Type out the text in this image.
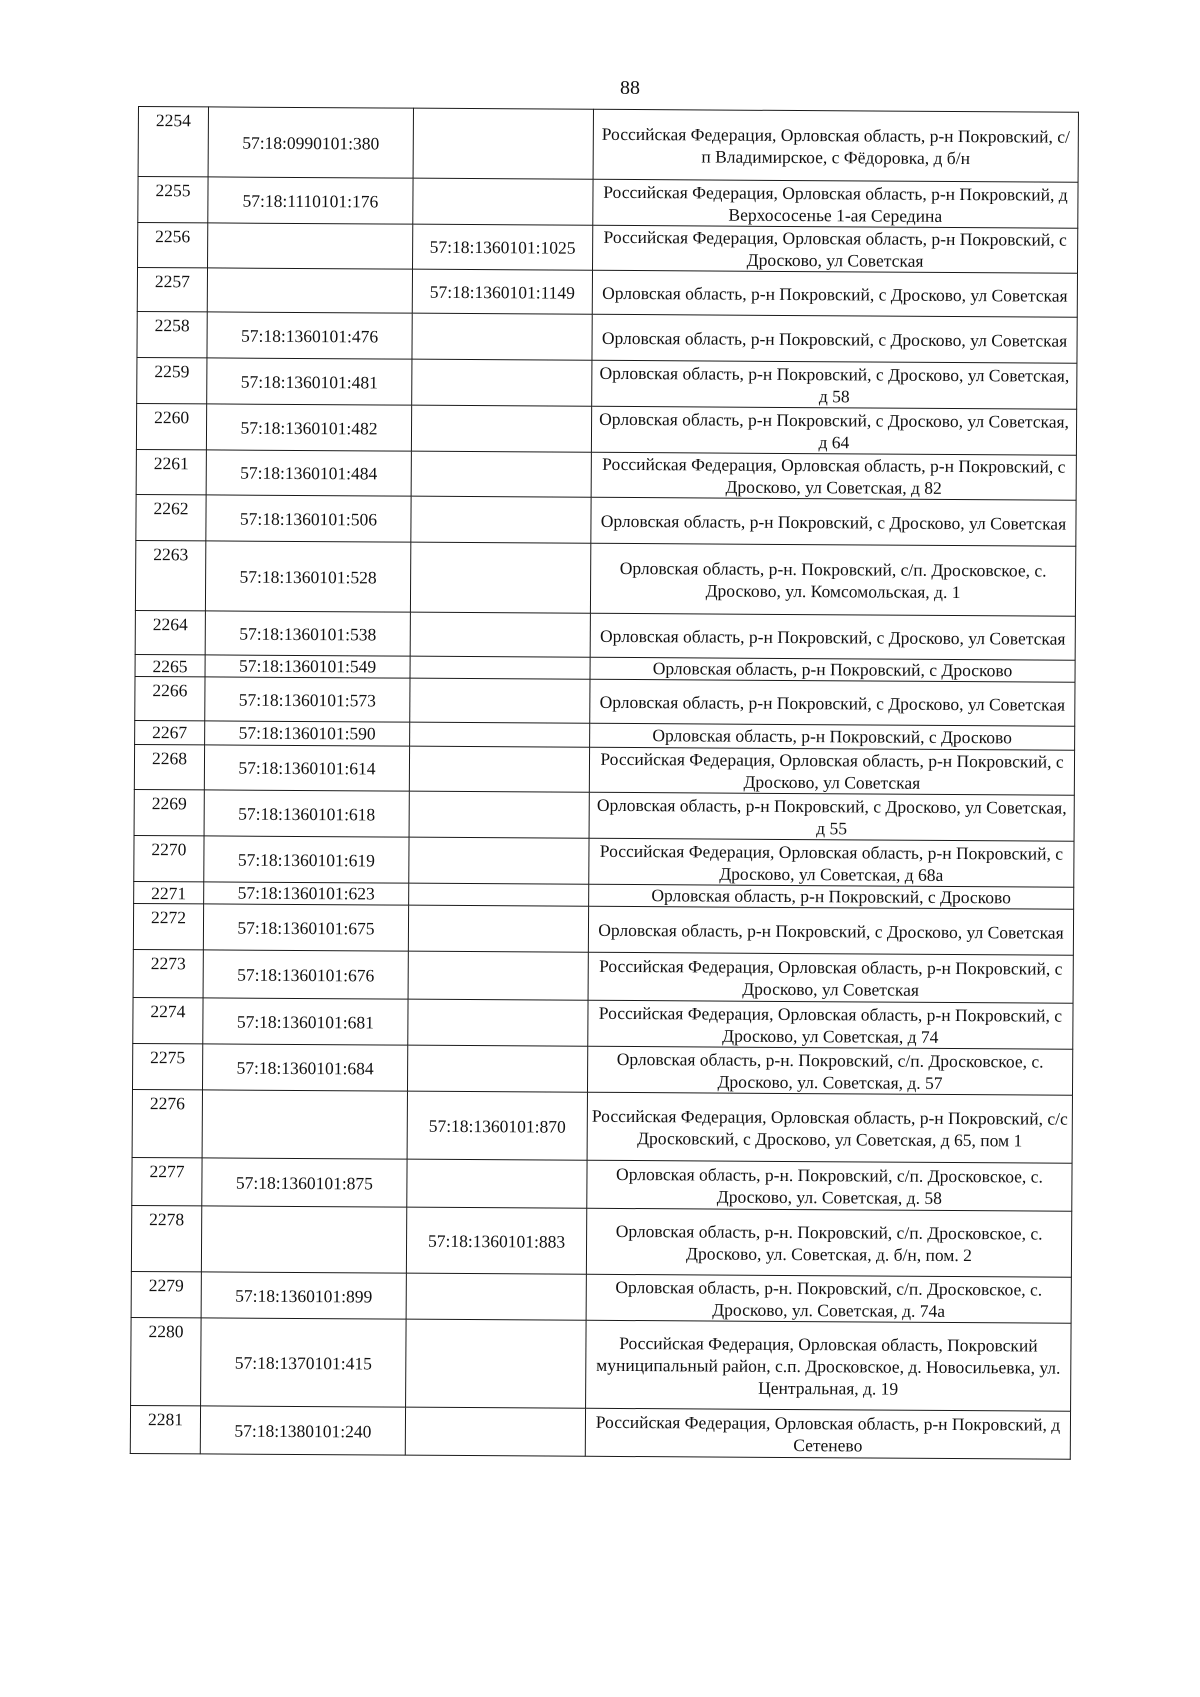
88
2254	57:18:0990101:380		Российская Федерация, Орловская область, р-н Покровский, с/п Владимирское, с Фёдоровка, д б/н
2255	57:18:1110101:176		Российская Федерация, Орловская область, р-н Покровский, д Верхососенье 1-ая Середина
2256		57:18:1360101:1025	Российская Федерация, Орловская область, р-н Покровский, с Дросково, ул Советская
2257		57:18:1360101:1149	Орловская область, р-н Покровский, с Дросково, ул Советская
2258	57:18:1360101:476		Орловская область, р-н Покровский, с Дросково, ул Советская
2259	57:18:1360101:481		Орловская область, р-н Покровский, с Дросково, ул Советская, д 58
2260	57:18:1360101:482		Орловская область, р-н Покровский, с Дросково, ул Советская, д 64
2261	57:18:1360101:484		Российская Федерация, Орловская область, р-н Покровский, с Дросково, ул Советская, д 82
2262	57:18:1360101:506		Орловская область, р-н Покровский, с Дросково, ул Советская
2263	57:18:1360101:528		Орловская область, р-н. Покровский, с/п. Дросковское, с. Дросково, ул. Комсомольская, д. 1
2264	57:18:1360101:538		Орловская область, р-н Покровский, с Дросково, ул Советская
2265	57:18:1360101:549		Орловская область, р-н Покровский, с Дросково
2266	57:18:1360101:573		Орловская область, р-н Покровский, с Дросково, ул Советская
2267	57:18:1360101:590		Орловская область, р-н Покровский, с Дросково
2268	57:18:1360101:614		Российская Федерация, Орловская область, р-н Покровский, с Дросково, ул Советская
2269	57:18:1360101:618		Орловская область, р-н Покровский, с Дросково, ул Советская, д 55
2270	57:18:1360101:619		Российская Федерация, Орловская область, р-н Покровский, с Дросково, ул Советская, д 68а
2271	57:18:1360101:623		Орловская область, р-н Покровский, с Дросково
2272	57:18:1360101:675		Орловская область, р-н Покровский, с Дросково, ул Советская
2273	57:18:1360101:676		Российская Федерация, Орловская область, р-н Покровский, с Дросково, ул Советская
2274	57:18:1360101:681		Российская Федерация, Орловская область, р-н Покровский, с Дросково, ул Советская, д 74
2275	57:18:1360101:684		Орловская область, р-н. Покровский, с/п. Дросковское, с. Дросково, ул. Советская, д. 57
2276		57:18:1360101:870	Российская Федерация, Орловская область, р-н Покровский, с/с Дросковский, с Дросково, ул Советская, д 65, пом 1
2277	57:18:1360101:875		Орловская область, р-н. Покровский, с/п. Дросковское, с. Дросково, ул. Советская, д. 58
2278		57:18:1360101:883	Орловская область, р-н. Покровский, с/п. Дросковское, с. Дросково, ул. Советская, д. б/н, пом. 2
2279	57:18:1360101:899		Орловская область, р-н. Покровский, с/п. Дросковское, с. Дросково, ул. Советская, д. 74а
2280	57:18:1370101:415		Российская Федерация, Орловская область, Покровский муниципальный район, с.п. Дросковское, д. Новосильевка, ул. Центральная, д. 19
2281	57:18:1380101:240		Российская Федерация, Орловская область, р-н Покровский, д Сетенево
